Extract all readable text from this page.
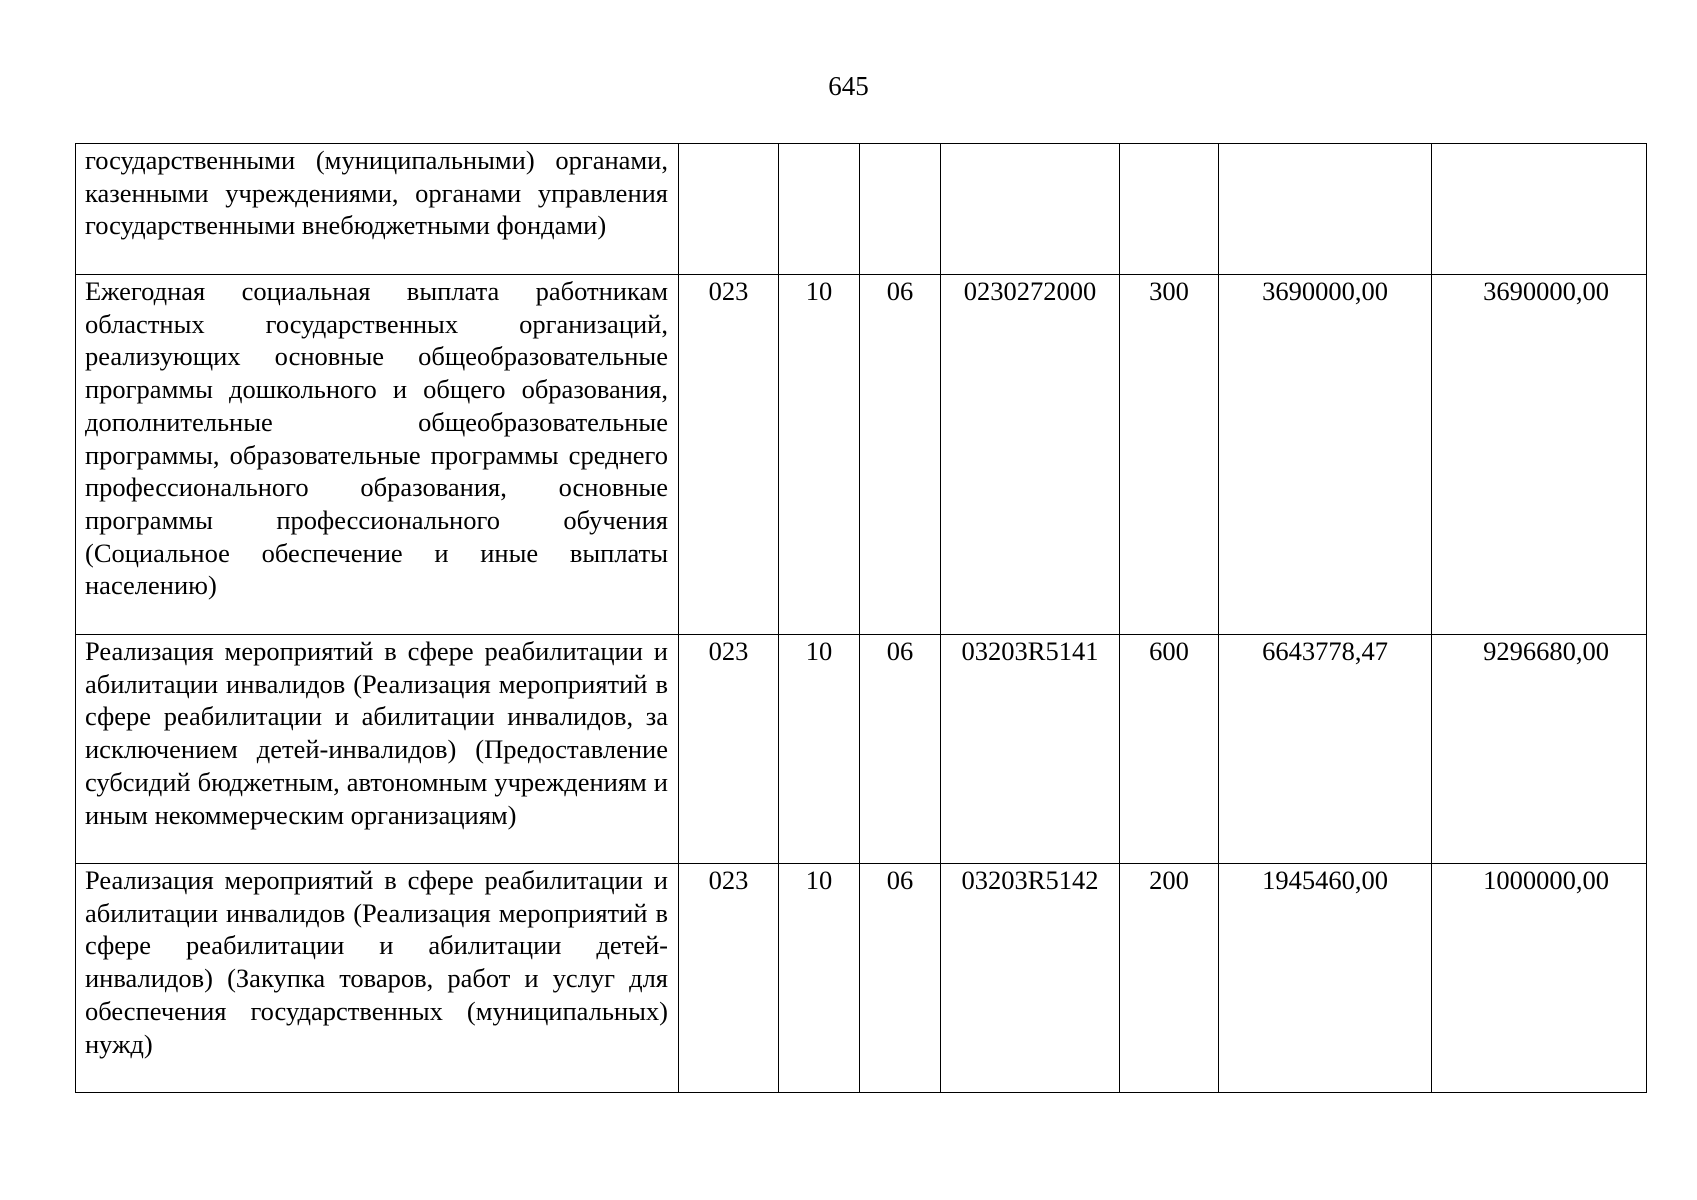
645
государственными (муниципальными) органами, казенными учреждениями, органами управления государственными внебюджетными фондами)							
Ежегодная социальная выплата работникам областных государственных организаций, реализующих основные общеобразовательные программы дошкольного и общего образования, дополнительные общеобразовательные программы, образовательные программы среднего профессионального образования, основные программы профессионального обучения (Социальное обеспечение и иные выплаты населению)	023	10	06	0230272000	300	3690000,00	3690000,00
Реализация мероприятий в сфере реабилитации и абилитации инвалидов (Реализация мероприятий в сфере реабилитации и абилитации инвалидов, за исключением детей-инвалидов) (Предоставление субсидий бюджетным, автономным учреждениям и иным некоммерческим организациям)	023	10	06	03203R5141	600	6643778,47	9296680,00
Реализация мероприятий в сфере реабилитации и абилитации инвалидов (Реализация мероприятий в сфере реабилитации и абилитации детей-инвалидов) (Закупка товаров, работ и услуг для обеспечения государственных (муниципальных) нужд)	023	10	06	03203R5142	200	1945460,00	1000000,00
